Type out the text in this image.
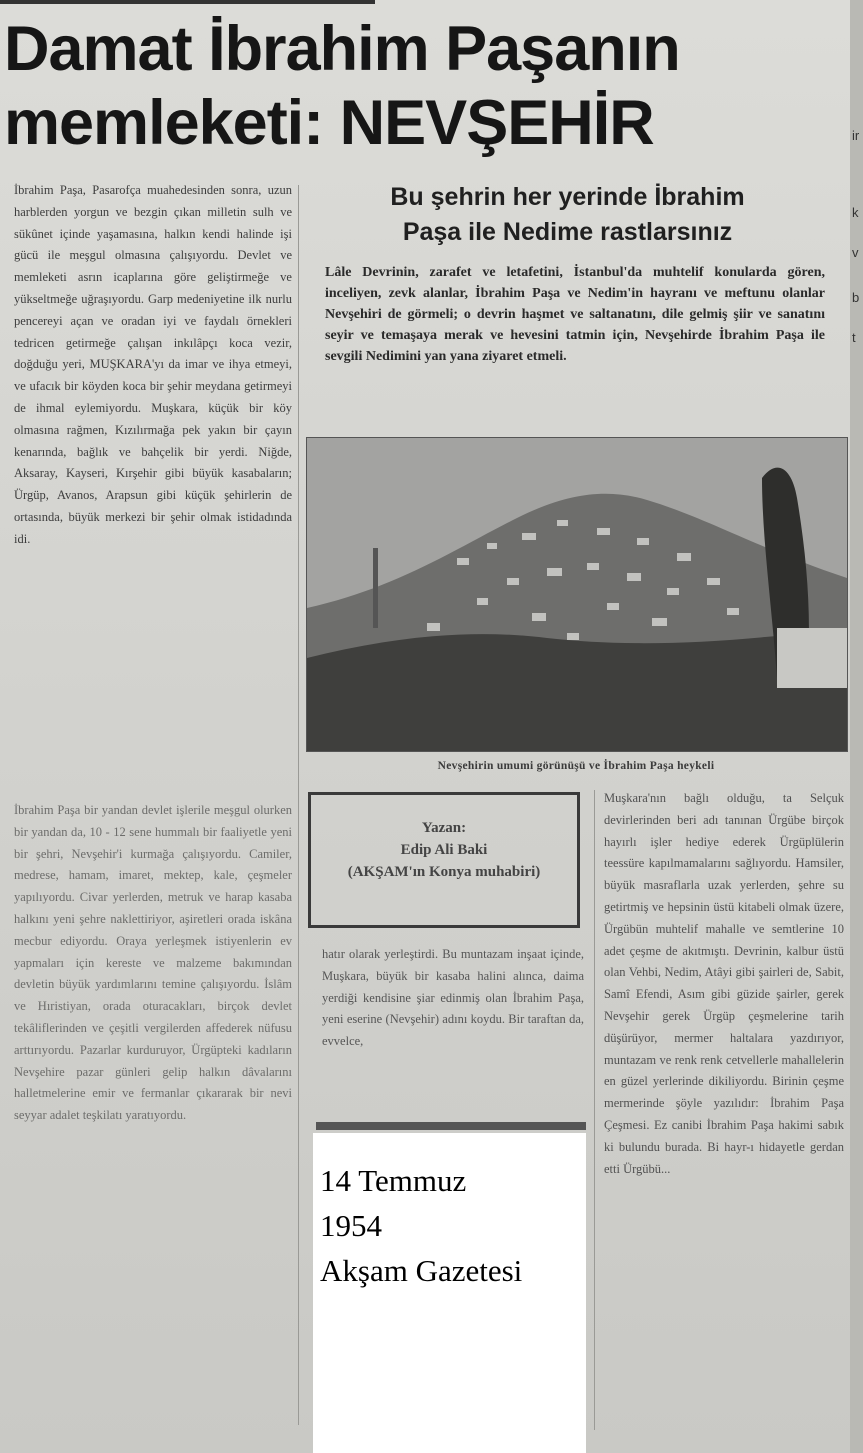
ir
k
v
b
t
Damat İbrahim Paşanın
memleketi: NEVŞEHİR
Bu şehrin her yerinde İbrahim
Paşa ile Nedime rastlarsınız

Lâle Devrinin, zarafet ve letafetini, İstanbul'da muhtelif konularda gören, inceliyen, zevk alanlar, İbrahim Paşa ve Nedim'in hayranı ve meftunu olanlar Nevşehiri de görmeli; o devrin haşmet ve saltanatını, dile gelmiş şiir ve sanatını seyir ve temaşaya merak ve hevesini tatmin için, Nevşehirde İbrahim Paşa ile sevgili Nedimini yan yana ziyaret etmeli.

İbrahim Paşa, Pasarofça muahedesinden sonra, uzun harblerden yorgun ve bezgin çıkan milletin sulh ve sükûnet içinde yaşamasına, halkın kendi halinde işi gücü ile meşgul olmasına çalışıyordu. Devlet ve memleketi asrın icaplarına göre geliştirmeğe ve yükseltmeğe uğraşıyordu. Garp medeniyetine ilk nurlu pencereyi açan ve oradan iyi ve faydalı örnekleri tedricen getirmeğe çalışan inkılâpçı koca vezir, doğduğu yeri, MUŞKARA'yı da imar ve ihya etmeyi, ve ufacık bir köyden koca bir şehir meydana getirmeyi de ihmal eylemiyordu. Muşkara, küçük bir köy olmasına rağmen, Kızılırmağa pek yakın bir çayın kenarında, bağlık ve bahçelik bir yerdi. Niğde, Aksaray, Kayseri, Kırşehir gibi büyük kasabaların; Ürgüp, Avanos, Arapsun gibi küçük şehirlerin de ortasında, büyük merkezi bir şehir olmak istidadında idi.

İbrahim Paşa bir yandan devlet işlerile meşgul olurken bir yandan da, 10 - 12 sene hummalı bir faaliyetle yeni bir şehri, Nevşehir'i kurmağa çalışıyordu. Camiler, medrese, hamam, imaret, mektep, kale, çeşmeler yapılıyordu. Civar yerlerden, metruk ve harap kasaba halkını yeni şehre naklettiriyor, aşiretleri orada iskâna mecbur ediyordu. Oraya yerleşmek istiyenlerin ev yapmaları için kereste ve malzeme bakımından devletin büyük yardımlarını temine çalışıyordu. İslâm ve Hıristiyan, orada oturacakları, birçok devlet tekâliflerinden ve çeşitli vergilerden affederek nüfusu arttırıyordu. Pazarlar kurduruyor, Ürgüpteki kadıların Nevşehire pazar günleri gelip halkın dâvalarını halletmelerine emir ve fermanlar çıkararak bir nevi seyyar adalet teşkilatı yaratıyordu.

Nevşehirin umumi görünüşü ve İbrahim Paşa heykeli

Yazan:
Edip Ali Baki
(AKŞAM'ın Konya muhabiri)

hatır olarak yerleştirdi. Bu muntazam inşaat içinde, Muşkara, büyük bir kasaba halini alınca, daima yerdiği kendisine şiar edinmiş olan İbrahim Paşa, yeni eserine (Nevşehir) adını koydu. Bir taraftan da, evvelce,

Muşkara'nın bağlı olduğu, ta Selçuk devirlerinden beri adı tanınan Ürgübe birçok hayırlı işler hediye ederek Ürgüplülerin teessüre kapılmamalarını sağlıyordu. Hamsiler, büyük masraflarla uzak yerlerden, şehre su getirtmiş ve hepsinin üstü kitabeli olmak üzere, Ürgübün muhtelif mahalle ve semtlerine 10 adet çeşme de akıtmıştı. Devrinin, kalbur üstü olan Vehbi, Nedim, Atâyi gibi şairleri de, Sabit, Samî Efendi, Asım gibi güzide şairler, gerek Nevşehir gerek Ürgüp çeşmelerine tarih düşürüyor, mermer haltalara yazdırıyor, muntazam ve renk renk cetvellerle mahallelerin en güzel yerlerinde dikiliyordu. Birinin çeşme mermerinde şöyle yazılıdır: İbrahim Paşa Çeşmesi. Ez canibi İbrahim Paşa hakimi sabık ki bulundu burada. Bi hayr-ı hidayetle gerdan etti Ürgübü...

14 Temmuz
1954
Akşam Gazetesi
